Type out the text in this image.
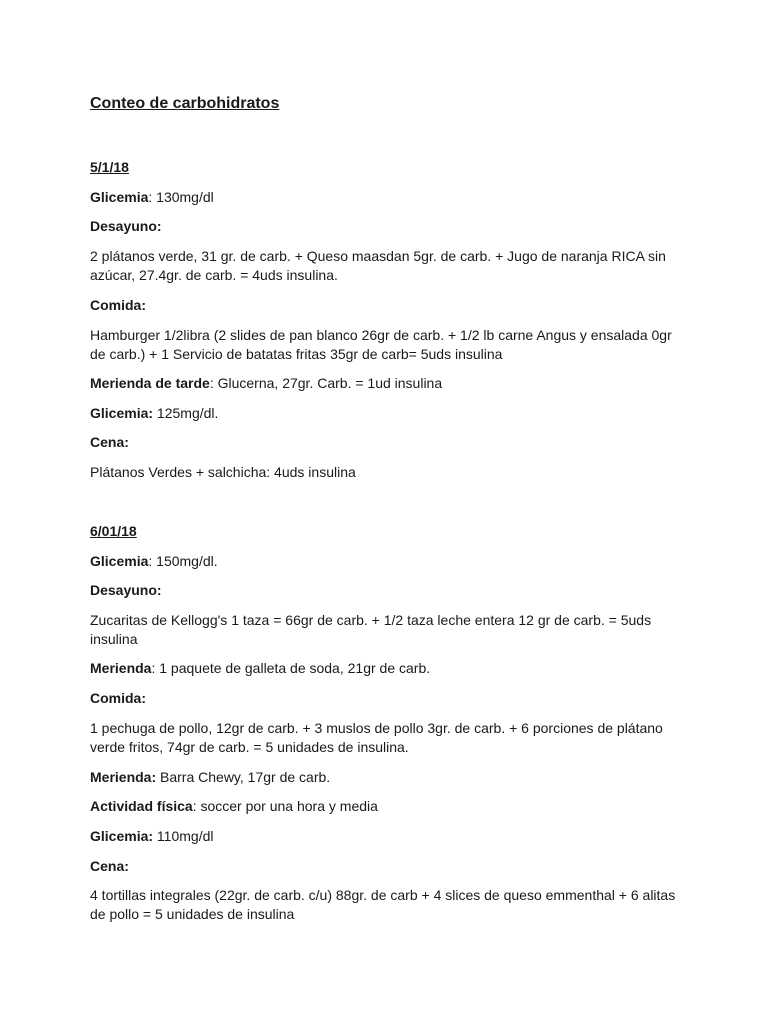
Conteo de carbohidratos

5/1/18

Glicemia: 130mg/dl

Desayuno:

2 plátanos verde, 31 gr. de carb. + Queso maasdan 5gr. de carb. + Jugo de naranja RICA sin azúcar, 27.4gr. de carb. = 4uds insulina.

Comida:

Hamburger 1/2libra (2 slides de pan blanco 26gr de carb. + 1/2 lb carne Angus y ensalada 0gr de carb.) + 1 Servicio de batatas fritas 35gr de carb= 5uds insulina

Merienda de tarde: Glucerna, 27gr. Carb. = 1ud insulina

Glicemia: 125mg/dl.

Cena:

Plátanos Verdes + salchicha: 4uds insulina

6/01/18

Glicemia: 150mg/dl.

Desayuno:

Zucaritas de Kellogg's 1 taza = 66gr de carb. + 1/2 taza leche entera 12 gr de carb. = 5uds insulina

Merienda: 1 paquete de galleta de soda, 21gr de carb.

Comida:

1 pechuga de pollo, 12gr de carb. + 3 muslos de pollo 3gr. de carb. + 6 porciones de plátano verde fritos, 74gr de carb. = 5 unidades de insulina.

Merienda: Barra Chewy, 17gr de carb.

Actividad física: soccer por una hora y media

Glicemia: 110mg/dl

Cena:

4 tortillas integrales (22gr. de carb. c/u) 88gr. de carb + 4 slices de queso emmenthal + 6 alitas de pollo = 5 unidades de insulina
